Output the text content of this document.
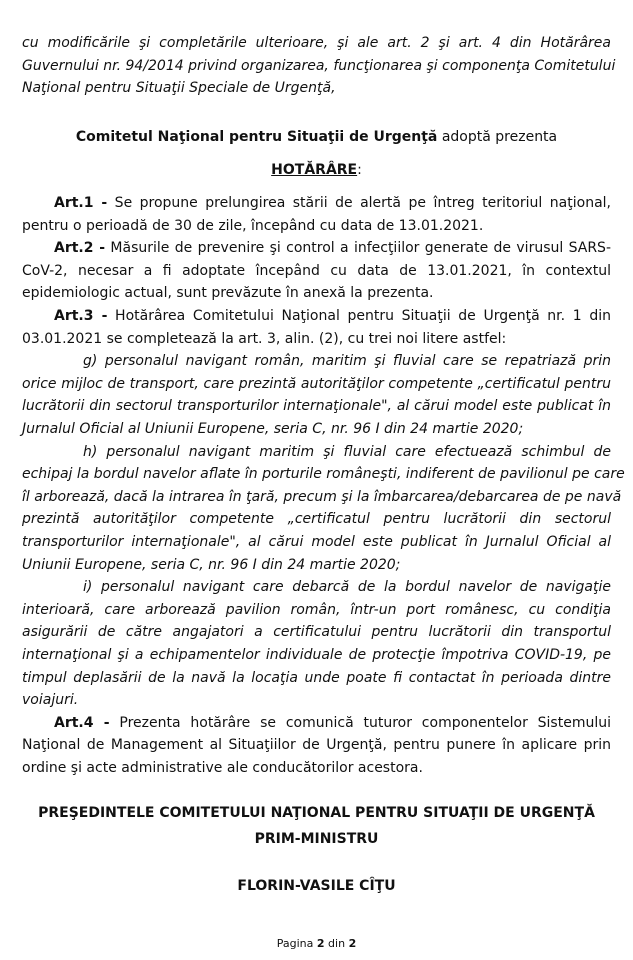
cu modificările şi completările ulterioare, şi ale art. 2 şi art. 4 din Hotărârea

Guvernului nr. 94/2014 privind organizarea, funcţionarea şi componenţa Comitetului

Naţional pentru Situaţii Speciale de Urgenţă,

Comitetul Naţional pentru Situaţii de Urgenţă adoptă prezenta

HOTĂRÂRE:

Art.1 - Se propune prelungirea stării de alertă pe întreg teritoriul naţional,

pentru o perioadă de 30 de zile, începând cu data de 13.01.2021.

Art.2 - Măsurile de prevenire şi control a infecţiilor generate de virusul SARS-

CoV-2, necesar a fi adoptate începând cu data de 13.01.2021, în contextul

epidemiologic actual, sunt prevăzute în anexă la prezenta.

Art.3 - Hotărârea Comitetului Naţional pentru Situaţii de Urgenţă nr. 1 din

03.01.2021 se completează la art. 3, alin. (2), cu trei noi litere astfel:

g) personalul navigant român, maritim şi fluvial care se repatriază prin

orice mijloc de transport, care prezintă autorităţilor competente „certificatul pentru

lucrătorii din sectorul transporturilor internaţionale", al cărui model este publicat în

Jurnalul Oficial al Uniunii Europene, seria C, nr. 96 I din 24 martie 2020;

h) personalul navigant maritim şi fluvial care efectuează schimbul de

echipaj la bordul navelor aflate în porturile româneşti, indiferent de pavilionul pe care

îl arborează, dacă la intrarea în ţară, precum şi la îmbarcarea/debarcarea de pe navă

prezintă autorităţilor competente „certificatul pentru lucrătorii din sectorul

transporturilor internaţionale", al cărui model este publicat în Jurnalul Oficial al

Uniunii Europene, seria C, nr. 96 I din 24 martie 2020;

i) personalul navigant care debarcă de la bordul navelor de navigaţie

interioară, care arborează pavilion român, într-un port românesc, cu condiţia

asigurării de către angajatori a certificatului pentru lucrătorii din transportul

internaţional şi a echipamentelor individuale de protecţie împotriva COVID-19, pe

timpul deplasării de la navă la locaţia unde poate fi contactat în perioada dintre

voiajuri.

Art.4 - Prezenta hotărâre se comunică tuturor componentelor Sistemului

Naţional de Management al Situaţiilor de Urgenţă, pentru punere în aplicare prin

ordine şi acte administrative ale conducătorilor acestora.

PREŞEDINTELE COMITETULUI NAŢIONAL PENTRU SITUAŢII DE URGENŢĂ

PRIM-MINISTRU

FLORIN-VASILE CÎŢU

Pagina 2 din 2
